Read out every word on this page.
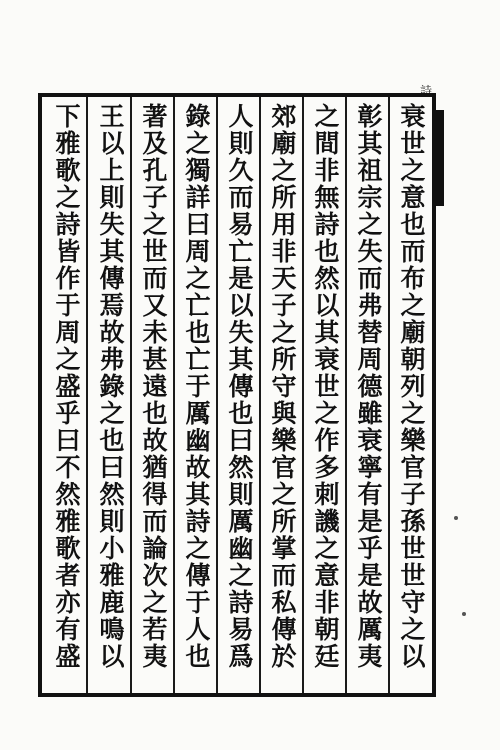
詩
衰世之意也而布之廟朝列之樂官子孫世世守之以
彰其祖宗之失而弗替周德雖衰寧有是乎是故厲夷
之間非無詩也然以其衰世之作多刺譏之意非朝廷
郊廟之所用非天子之所守與樂官之所掌而私傳於
人則久而易亡是以失其傳也曰然則厲幽之詩易爲
錄之獨詳曰周之亡也亡于厲幽故其詩之傳于人也
著及孔子之世而又未甚遠也故猶得而論次之若夷
王以上則失其傳焉故弗錄之也曰然則小雅鹿鳴以
下雅歌之詩皆作于周之盛乎曰不然雅歌者亦有盛
